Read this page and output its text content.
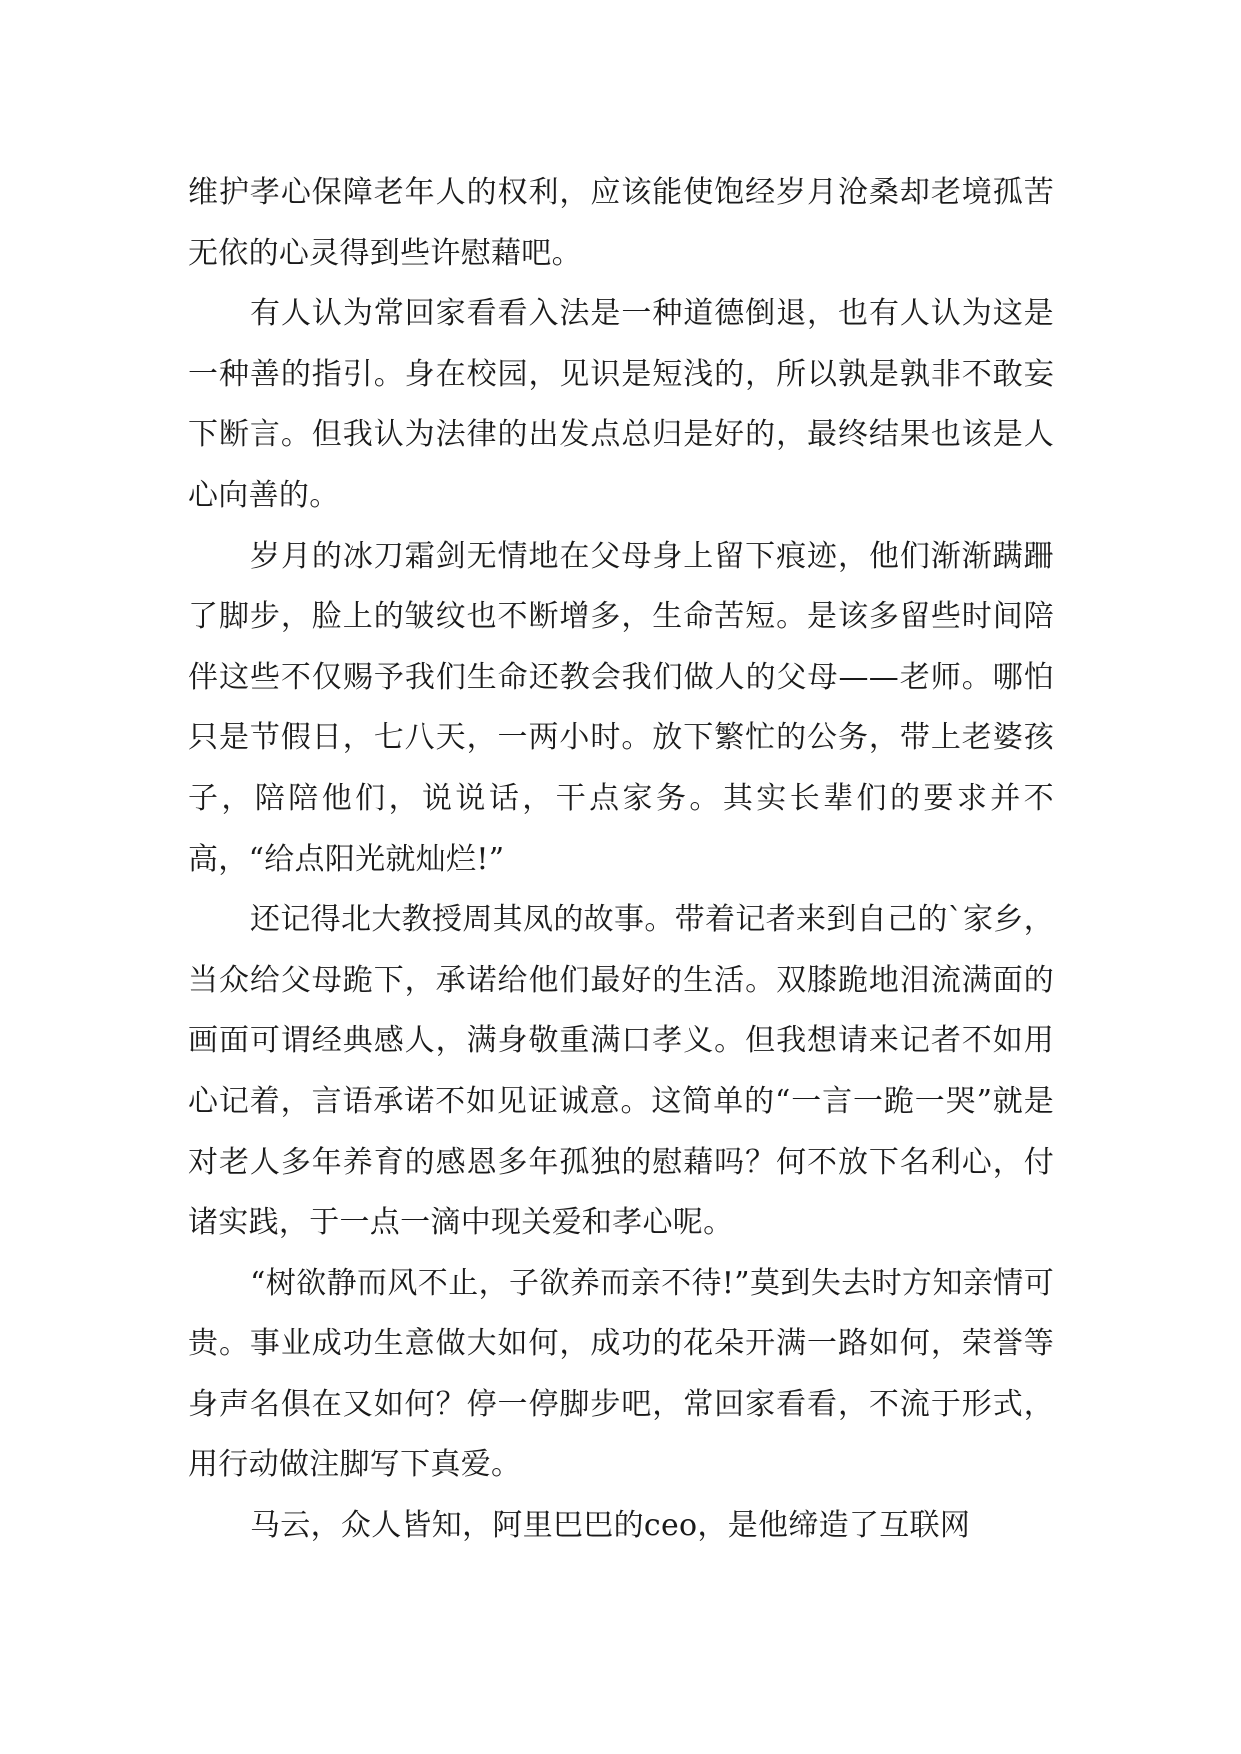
维护孝心保障老年人的权利，应该能使饱经岁月沧桑却老境孤苦无依的心灵得到些许慰藉吧。

有人认为常回家看看入法是一种道德倒退，也有人认为这是一种善的指引。身在校园，见识是短浅的，所以孰是孰非不敢妄下断言。但我认为法律的出发点总归是好的，最终结果也该是人心向善的。

岁月的冰刀霜剑无情地在父母身上留下痕迹，他们渐渐蹒跚了脚步，脸上的皱纹也不断增多，生命苦短。是该多留些时间陪伴这些不仅赐予我们生命还教会我们做人的父母——老师。哪怕只是节假日，七八天，一两小时。放下繁忙的公务，带上老婆孩子，陪陪他们，说说话，干点家务。其实长辈们的要求并不高，“给点阳光就灿烂!”

还记得北大教授周其凤的故事。带着记者来到自己的`家乡，当众给父母跪下，承诺给他们最好的生活。双膝跪地泪流满面的画面可谓经典感人，满身敬重满口孝义。但我想请来记者不如用心记着，言语承诺不如见证诚意。这简单的“一言一跪一哭”就是对老人多年养育的感恩多年孤独的慰藉吗？何不放下名利心，付诸实践，于一点一滴中现关爱和孝心呢。

“树欲静而风不止，子欲养而亲不待!”莫到失去时方知亲情可贵。事业成功生意做大如何，成功的花朵开满一路如何，荣誉等身声名俱在又如何？停一停脚步吧，常回家看看，不流于形式，用行动做注脚写下真爱。

马云，众人皆知，阿里巴巴的ceo，是他缔造了互联网
